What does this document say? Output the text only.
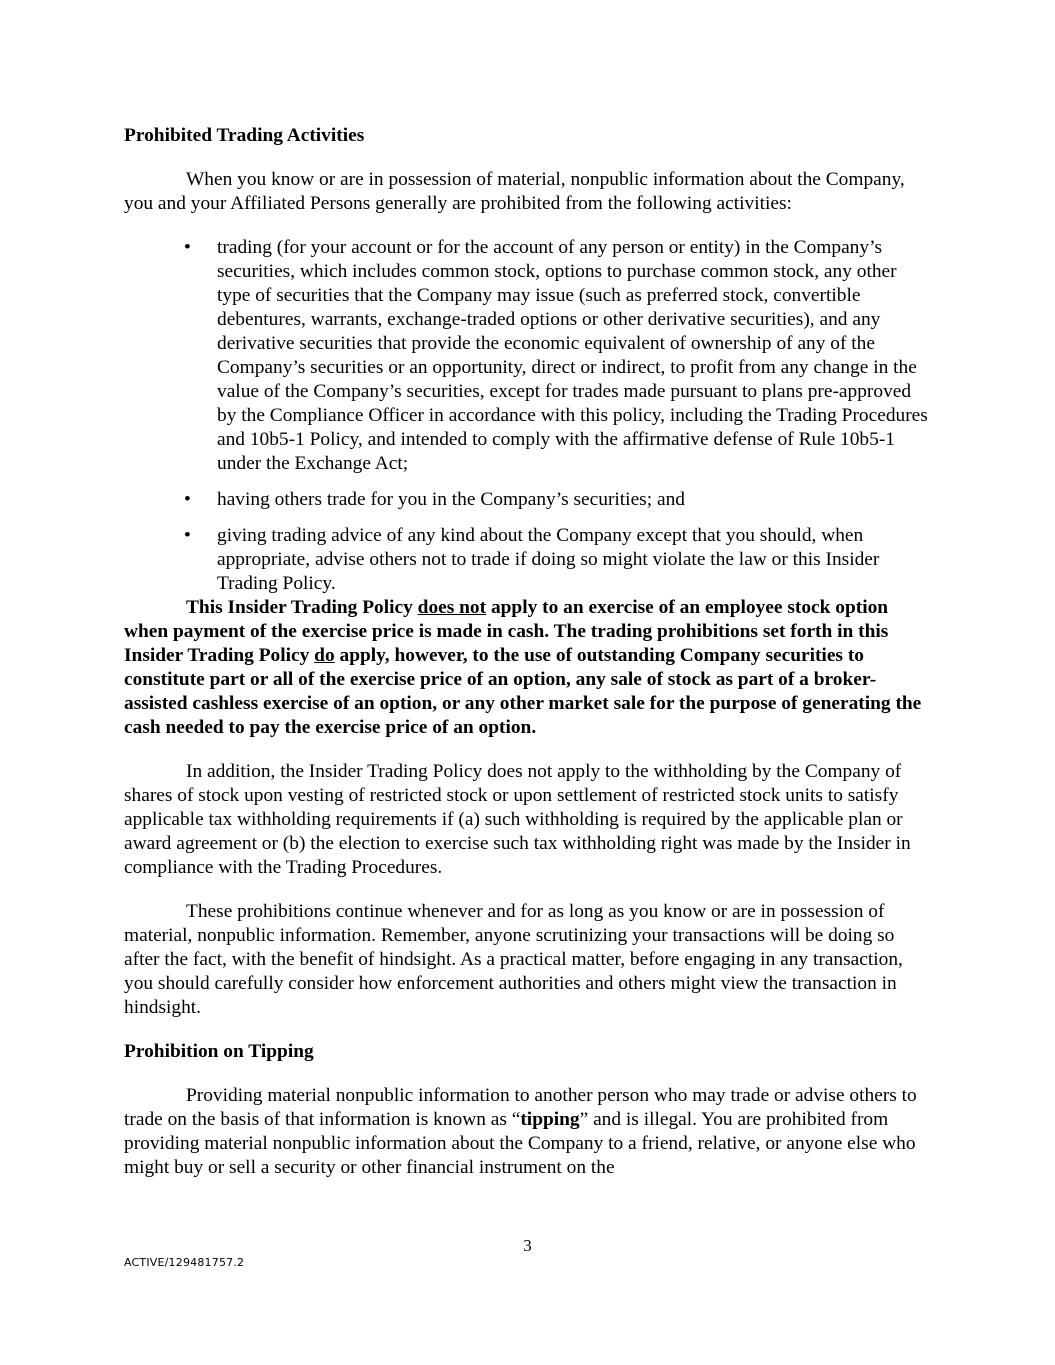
Prohibited Trading Activities

When you know or are in possession of material, nonpublic information about the Company, you and your Affiliated Persons generally are prohibited from the following activities:

• trading (for your account or for the account of any person or entity) in the Company’s securities, which includes common stock, options to purchase common stock, any other type of securities that the Company may issue (such as preferred stock, convertible debentures, warrants, exchange-traded options or other derivative securities), and any derivative securities that provide the economic equivalent of ownership of any of the Company’s securities or an opportunity, direct or indirect, to profit from any change in the value of the Company’s securities, except for trades made pursuant to plans pre-approved by the Compliance Officer in accordance with this policy, including the Trading Procedures and 10b5-1 Policy, and intended to comply with the affirmative defense of Rule 10b5-1 under the Exchange Act;
• having others trade for you in the Company’s securities; and
• giving trading advice of any kind about the Company except that you should, when appropriate, advise others not to trade if doing so might violate the law or this Insider Trading Policy.

This Insider Trading Policy does not apply to an exercise of an employee stock option when payment of the exercise price is made in cash. The trading prohibitions set forth in this Insider Trading Policy do apply, however, to the use of outstanding Company securities to constitute part or all of the exercise price of an option, any sale of stock as part of a broker-assisted cashless exercise of an option, or any other market sale for the purpose of generating the cash needed to pay the exercise price of an option.

In addition, the Insider Trading Policy does not apply to the withholding by the Company of shares of stock upon vesting of restricted stock or upon settlement of restricted stock units to satisfy applicable tax withholding requirements if (a) such withholding is required by the applicable plan or award agreement or (b) the election to exercise such tax withholding right was made by the Insider in compliance with the Trading Procedures.

These prohibitions continue whenever and for as long as you know or are in possession of material, nonpublic information. Remember, anyone scrutinizing your transactions will be doing so after the fact, with the benefit of hindsight. As a practical matter, before engaging in any transaction, you should carefully consider how enforcement authorities and others might view the transaction in hindsight.

Prohibition on Tipping

Providing material nonpublic information to another person who may trade or advise others to trade on the basis of that information is known as “tipping” and is illegal. You are prohibited from providing material nonpublic information about the Company to a friend, relative, or anyone else who might buy or sell a security or other financial instrument on the

3
ACTIVE/129481757.2
